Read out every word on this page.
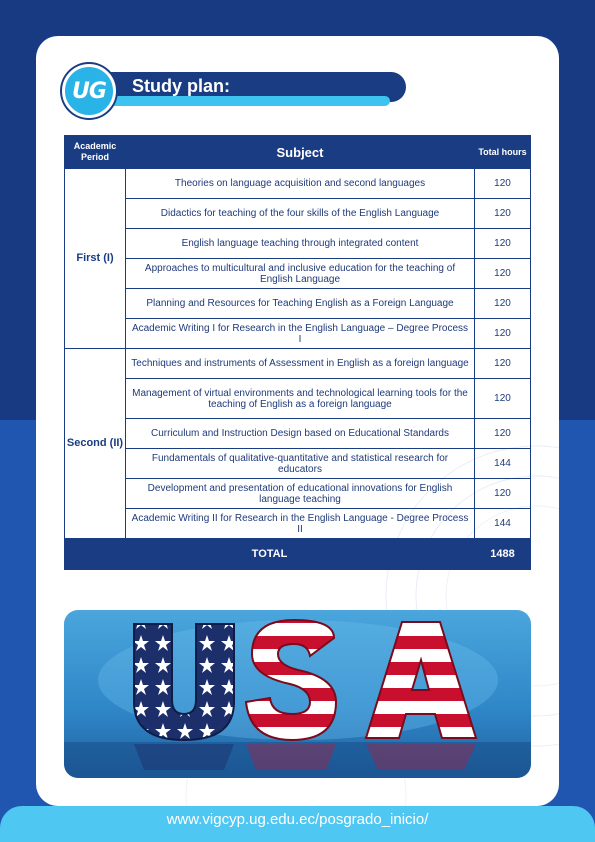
UG Study plan:
Academic Period	Subject	Total hours
First (I)	Theories on language acquisition and second languages	120
	Didactics for teaching of the four skills of the English Language	120
	English language teaching through integrated content	120
	Approaches to multicultural and inclusive education for the teaching of English Language	120
	Planning and Resources for Teaching English as a Foreign Language	120
	Academic Writing I for Research in the English Language – Degree Process I	120
Second (II)	Techniques and instruments of Assessment in English as a foreign language	120
	Management of virtual environments and technological learning tools for the teaching of English as a foreign language	120
	Curriculum and Instruction Design based on Educational Standards	120
	Fundamentals of qualitative-quantitative and statistical research for educators	144
	Development and presentation of educational innovations for English language teaching	120
	Academic Writing II for Research in the English Language - Degree Process II	144
TOTAL		1488
www.vigcyp.ug.edu.ec/posgrado_inicio/
